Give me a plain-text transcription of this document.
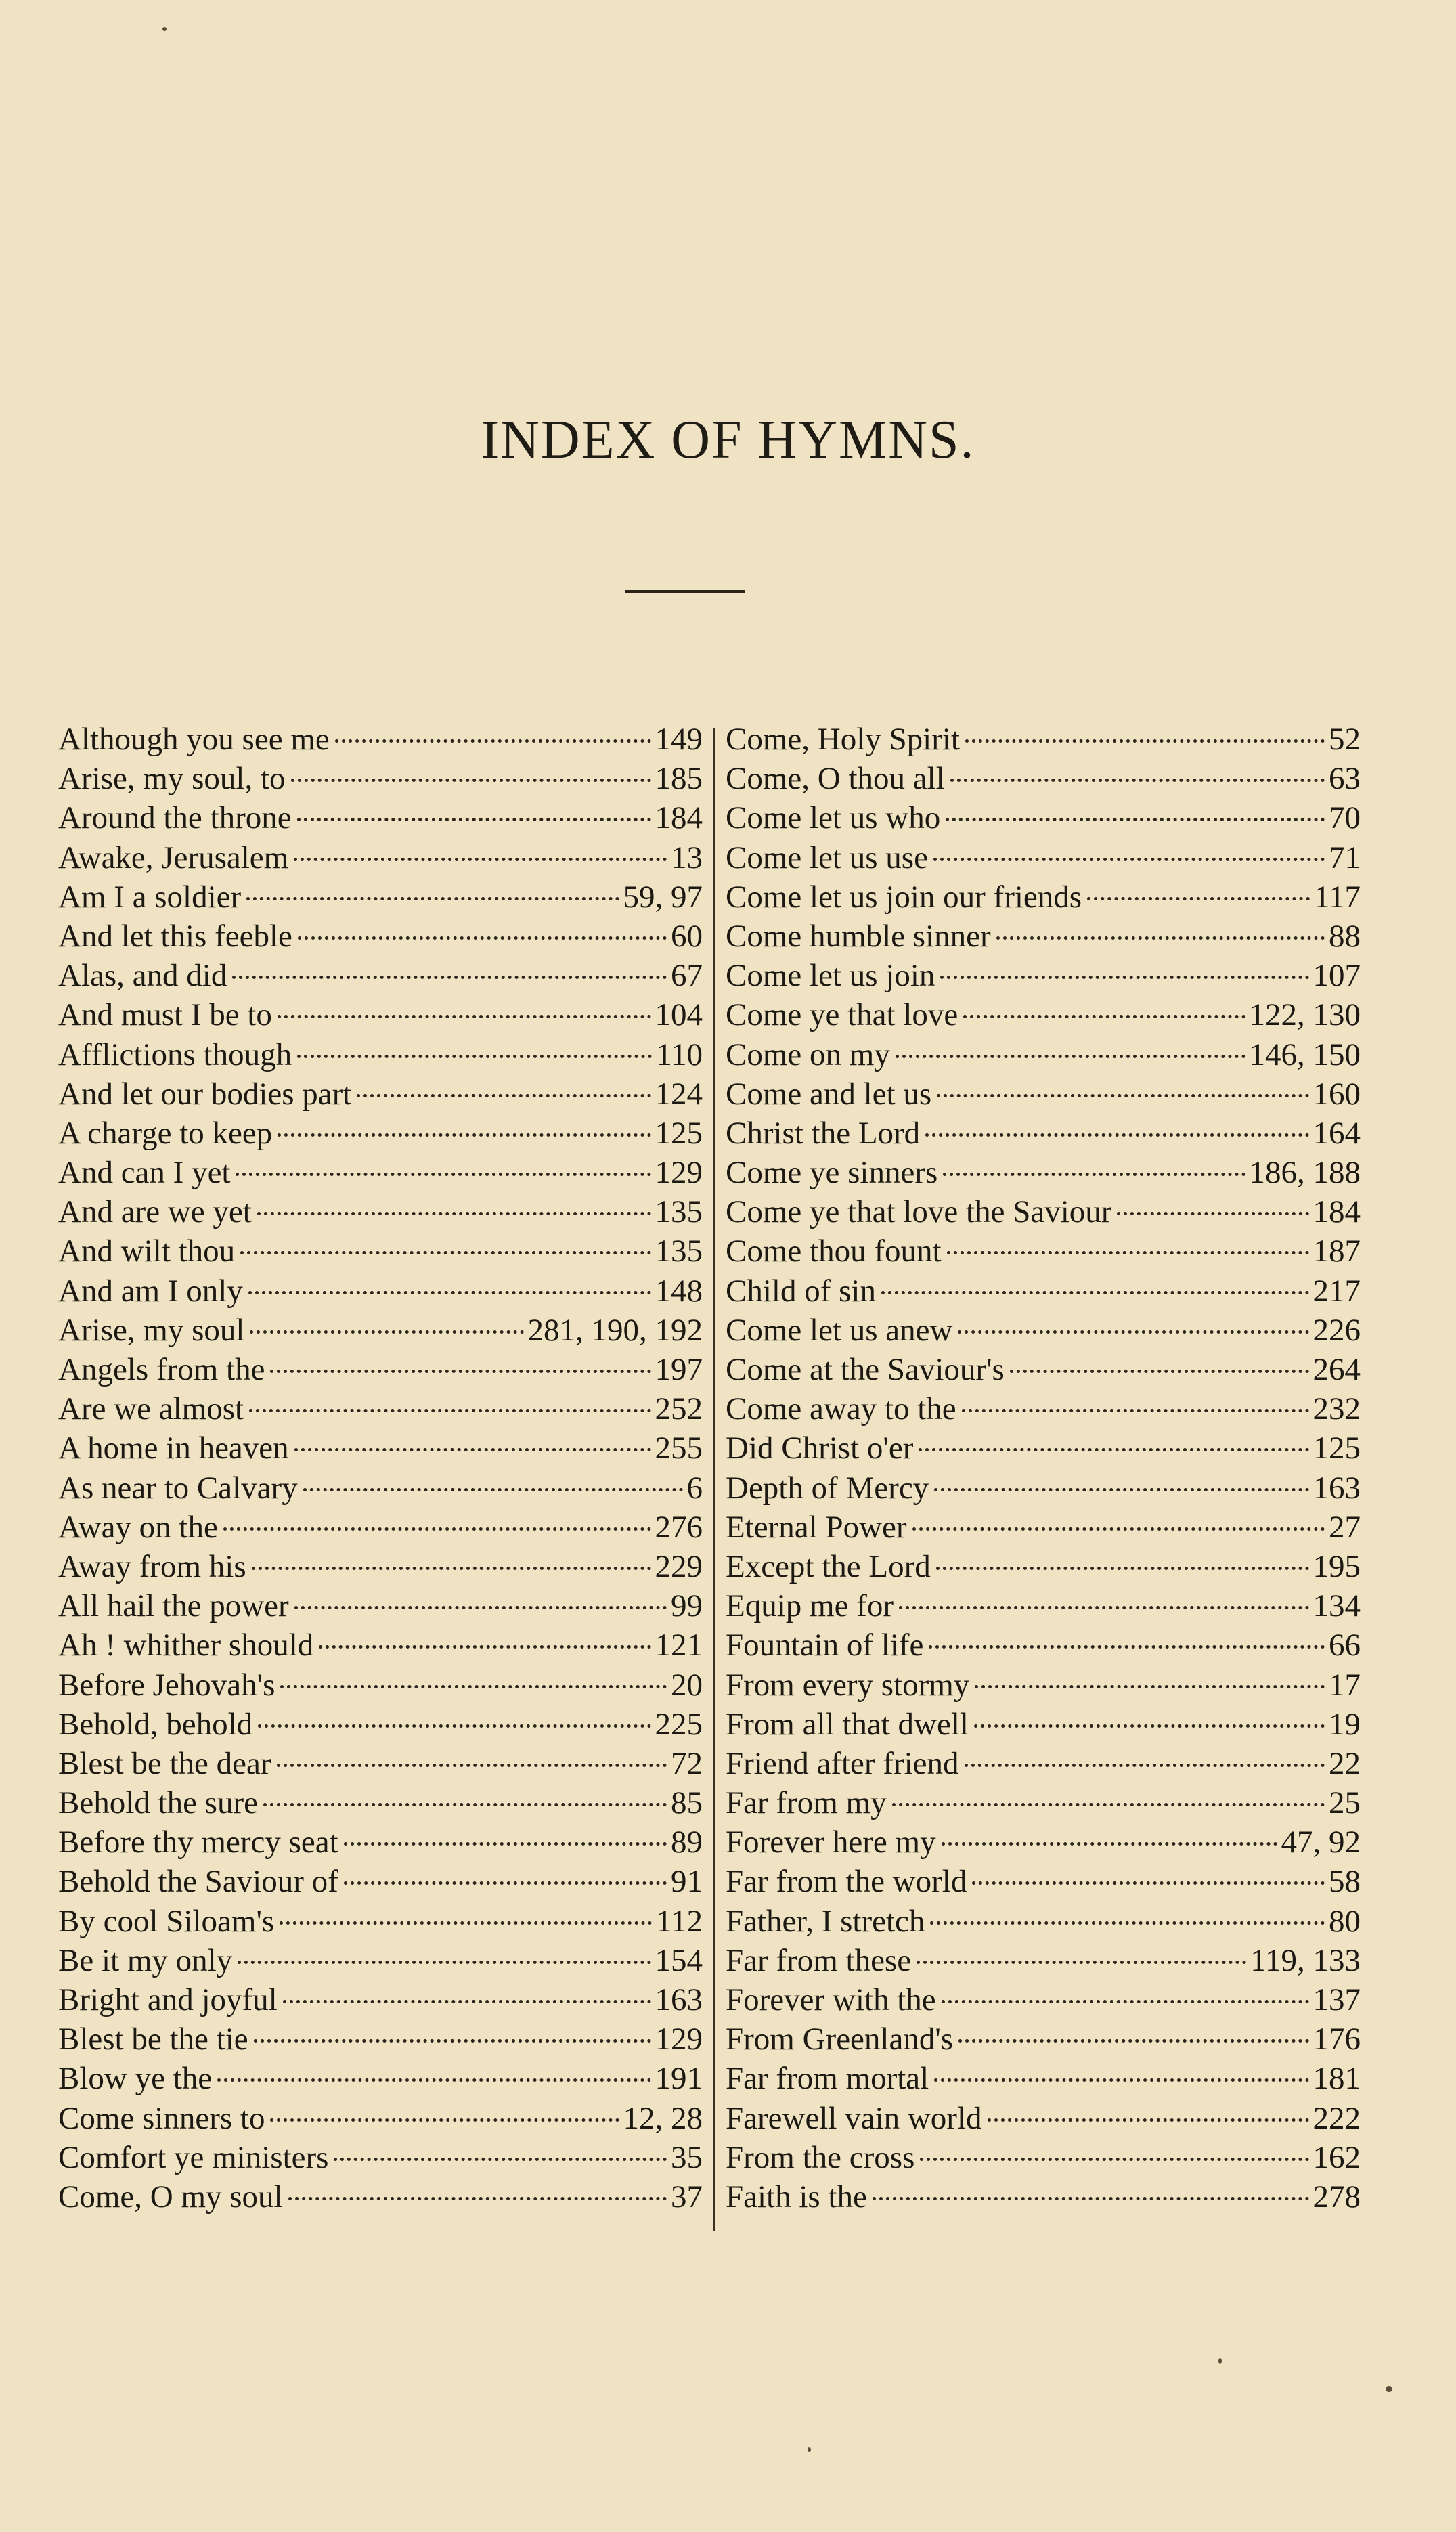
INDEX OF HYMNS.
Although you see me	149
Arise, my soul, to	185
Around the throne	184
Awake, Jerusalem	13
Am I a soldier	59, 97
And let this feeble	60
Alas, and did	67
And must I be to	104
Afflictions though	110
And let our bodies part	124
A charge to keep	125
And can I yet	129
And are we yet	135
And wilt thou	135
And am I only	148
Arise, my soul	281, 190, 192
Angels from the	197
Are we almost	252
A home in heaven	255
As near to Calvary	6
Away on the	276
Away from his	229
All hail the power	99
Ah ! whither should	121
Before Jehovah's	20
Behold, behold	225
Blest be the dear	72
Behold the sure	85
Before thy mercy seat	89
Behold the Saviour of	91
By cool Siloam's	112
Be it my only	154
Bright and joyful	163
Blest be the tie	129
Blow ye the	191
Come sinners to	12, 28
Comfort ye ministers	35
Come, O my soul	37
Come, Holy Spirit	52
Come, O thou all	63
Come let us who	70
Come let us use	71
Come let us join our friends	117
Come humble sinner	88
Come let us join	107
Come ye that love	122, 130
Come on my	146, 150
Come and let us	160
Christ the Lord	164
Come ye sinners	186, 188
Come ye that love the Saviour	184
Come thou fount	187
Child of sin	217
Come let us anew	226
Come at the Saviour's	264
Come away to the	232
Did Christ o'er	125
Depth of Mercy	163
Eternal Power	27
Except the Lord	195
Equip me for	134
Fountain of life	66
From every stormy	17
From all that dwell	19
Friend after friend	22
Far from my	25
Forever here my	47, 92
Far from the world	58
Father, I stretch	80
Far from these	119, 133
Forever with the	137
From Greenland's	176
Far from mortal	181
Farewell vain world	222
From the cross	162
Faith is the	278
